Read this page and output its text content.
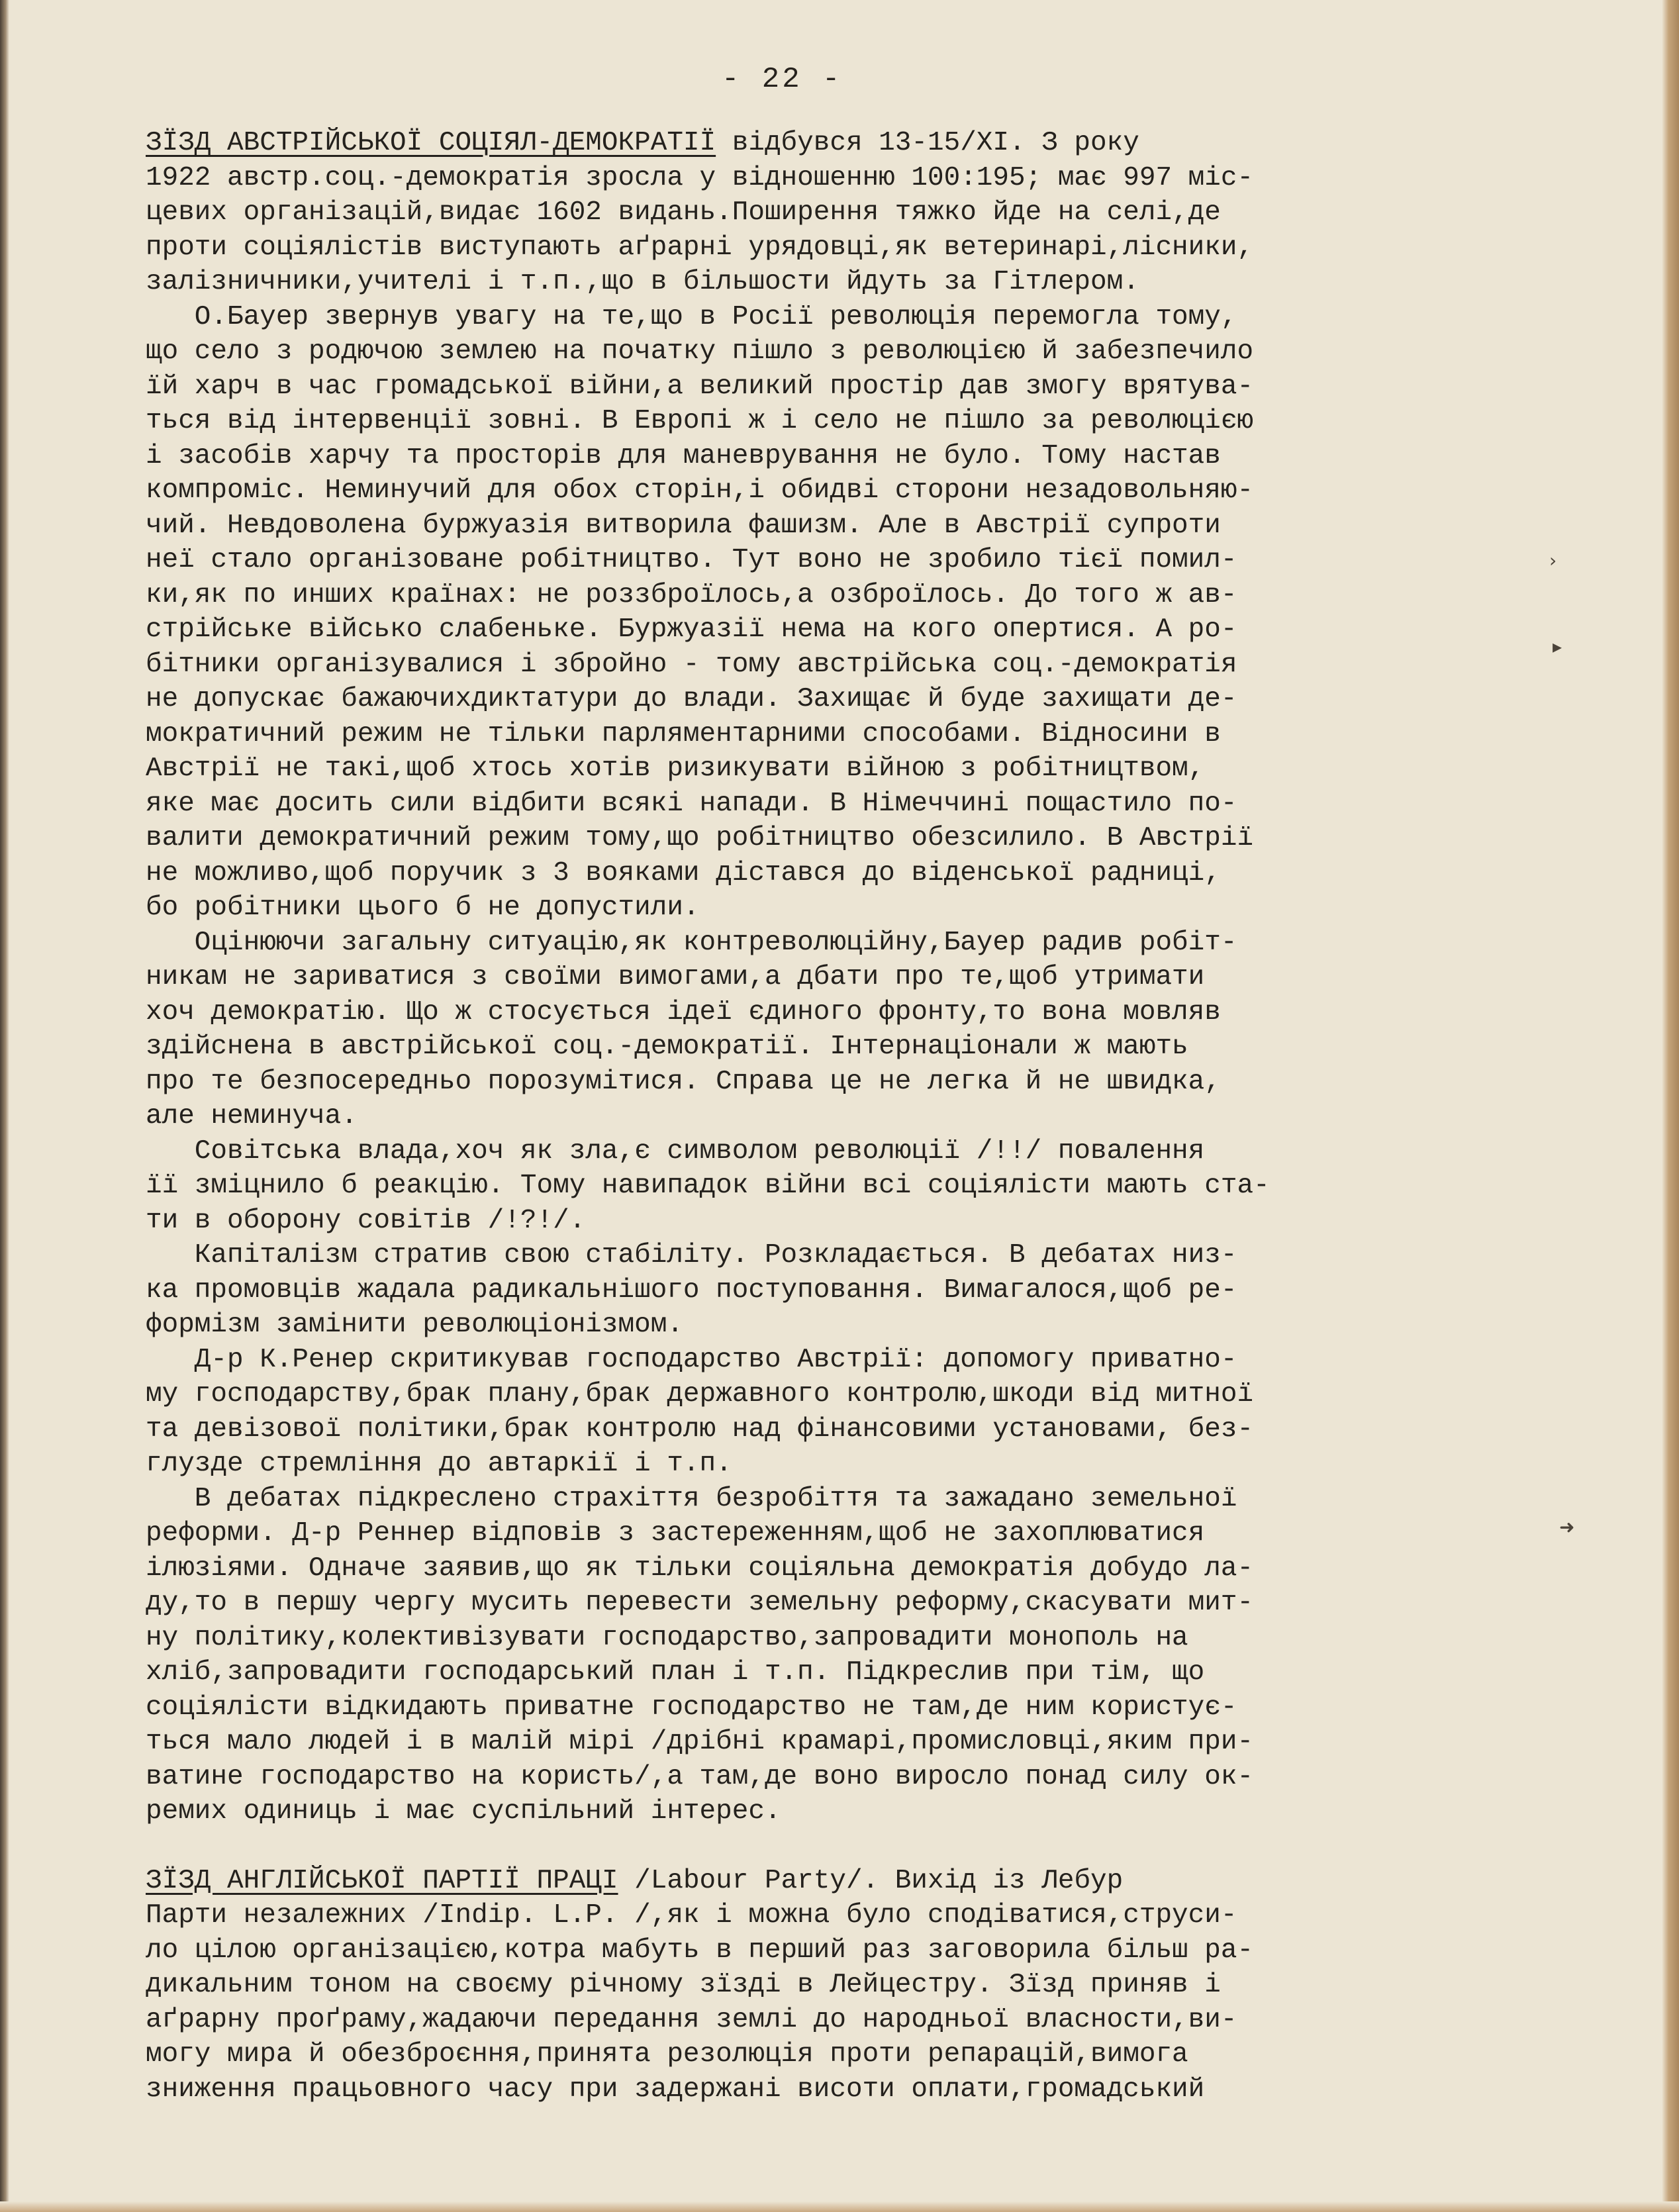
- 22 -
ЗЇЗД АВСТРІЙСЬКОЇ СОЦІЯЛ-ДЕМОКРАТІЇ відбувся 13-15/XI. З року
1922 австр.соц.-демократія зросла у відношенню 100:195; має 997 міс-
цевих організацій,видає 1602 видань.Поширення тяжко йде на селі,де
проти соціялістів виступають аґрарні урядовці,як ветеринарі,лісники,
залізничники,учителі і т.п.,що в більшости йдуть за Гітлером.
О.Бауер звернув увагу на те,що в Росії революція перемогла тому,
що село з родючою землею на початку пішло з революцією й забезпечило
їй харч в час громадської війни,а великий простір дав змогу врятува-
ться від інтервенції зовні. В Европі ж і село не пішло за революцією
і засобів харчу та просторів для маневрування не було. Тому настав
компроміс. Неминучий для обох сторін,і обидві сторони незадовольняю-
чий. Невдоволена буржуазія витворила фашизм. Але в Австрії супроти
неї стало організоване робітництво. Тут воно не зробило тієї помил-
ки,як по инших країнах: не роззброїлось,а озброїлось. До того ж ав-
стрійське військо слабеньке. Буржуазії нема на кого опертися. А ро-
бітники організувалися і збройно - тому австрійська соц.-демократія
не допускає бажаючихдиктатури до влади. Захищає й буде захищати де-
мократичний режим не тільки парляментарними способами. Відносини в
Австрії не такі,щоб хтось хотів ризикувати війною з робітництвом,
яке має досить сили відбити всякі напади. В Німеччині пощастило по-
валити демократичний режим тому,що робітництво обезсилило. В Австрії
не можливо,щоб поручик з 3 вояками дістався до віденської радниці,
бо робітники цього б не допустили.
Оцінюючи загальну ситуацію,як контреволюційну,Бауер радив робіт-
никам не зариватися з своїми вимогами,а дбати про те,щоб утримати
хоч демократію. Що ж стосується ідеї єдиного фронту,то вона мовляв
здійснена в австрійської соц.-демократії. Інтернаціонали ж мають
про те безпосередньо порозумітися. Справа це не легка й не швидка,
але неминуча.
Совітська влада,хоч як зла,є символом революції /!!/ повалення
її зміцнило б реакцію. Тому навипадок війни всі соціялісти мають ста-
ти в оборону совітів /!?!/.
Капіталізм стратив свою стабіліту. Розкладається. В дебатах низ-
ка промовців жадала радикальнішого поступовання. Вимагалося,щоб ре-
формізм замінити революціонізмом.
Д-р К.Ренер скритикував господарство Австрії: допомогу приватно-
му господарству,брак плану,брак державного контролю,шкоди від митної
та девізової політики,брак контролю над фінансовими установами, без-
глузде стремління до автаркії і т.п.
В дебатах підкреслено страхіття безробіття та зажадано земельної
реформи. Д-р Реннер відповів з застереженням,щоб не захоплюватися
ілюзіями. Одначе заявив,що як тільки соціяльна демократія добудо ла-
ду,то в першу чергу мусить перевести земельну реформу,скасувати мит-
ну політику,колективізувати господарство,запровадити монополь на
хліб,запровадити господарський план і т.п. Підкреслив при тім, що
соціялісти відкидають приватне господарство не там,де ним користує-
ться мало людей і в малій мірі /дрібні крамарі,промисловці,яким при-
ватине господарство на користь/,а там,де воно виросло понад силу ок-
ремих одиниць і має суспільний інтерес.
ЗЇЗД АНГЛІЙСЬКОЇ ПАРТІЇ ПРАЦІ /Labour Party/. Вихід із Лебур
Парти незалежних /Indip. L.P. /,як і можна було сподіватися,струси-
ло цілою організацією,котра мабуть в перший раз заговорила більш ра-
дикальним тоном на своєму річному зїзді в Лейцестру. Зїзд приняв і
аґрарну проґраму,жадаючи передання землі до народньої власности,ви-
могу мира й обезброєння,принята резолюція проти репарацій,вимога
зниження працьовного часу при задержані висоти оплати,громадський
›
▸
➜
